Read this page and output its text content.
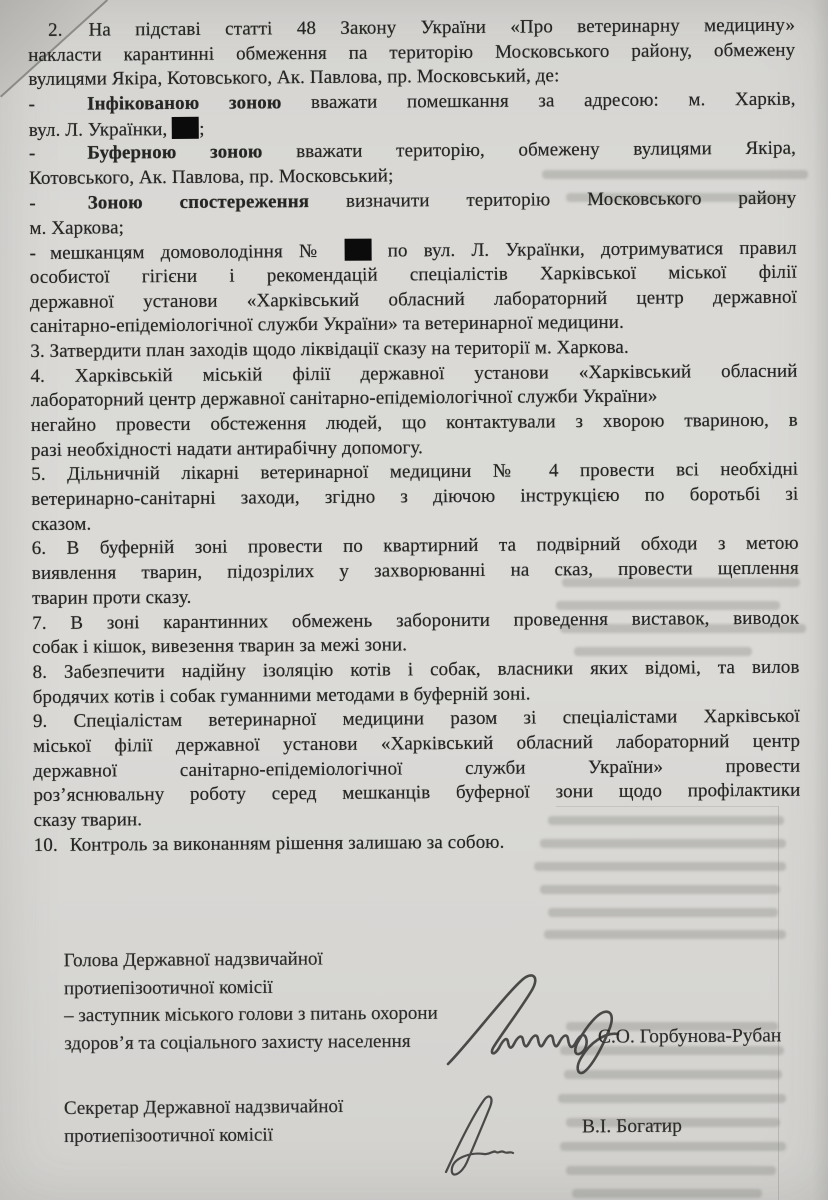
2. На підставі статті 48 Закону України «Про ветеринарну медицину»
накласти карантинні обмеження па територію Московського району, обмежену
вулицями Якіра, Котовського, Ак. Павлова, пр. Московський, де:
-	Інфікованою зоною вважати помешкання за адресою: м. Харків,
вул. Л. Українки, ;
-	Буферною зоною вважати територію, обмежену вулицями Якіра,
Котовського, Ак. Павлова, пр. Московський;
-	Зоною спостереження визначити територію Московського району
м. Харкова;
- мешканцям домоволодіння №  по вул. Л. Українки, дотримуватися правил
особистої гігієни і рекомендацій спеціалістів Харківської міської філії
державної установи «Харківський обласний лабораторний центр державної
санітарно-епідеміологічної служби України» та ветеринарної медицини.
3. Затвердити план заходів щодо ліквідації сказу на території м. Харкова.
4. Харківській міській філії державної установи «Харківський обласний
лабораторний центр державної санітарно-епідеміологічної служби України»
негайно провести обстеження людей, що контактували з хворою твариною, в
разі необхідності надати антирабічну допомогу.
5. Дільничній лікарні ветеринарної медицини № 4 провести всі необхідні
ветеринарно-санітарні заходи, згідно з діючою інструкцією по боротьбі зі
сказом.
6. В буферній зоні провести по квартирний та подвірний обходи з метою
виявлення тварин, підозрілих у захворюванні на сказ, провести щеплення
тварин проти сказу.
7. В зоні карантинних обмежень заборонити проведення виставок, виводок
собак і кішок, вивезення тварин за межі зони.
8. Забезпечити надійну ізоляцію котів і собак, власники яких відомі, та вилов
бродячих котів і собак гуманними методами в буферній зоні.
9. Спеціалістам ветеринарної медицини разом зі спеціалістами Харківської
міської філії державної установи «Харківський обласний лабораторний центр
державної санітарно-епідеміологічної служби України» провести
роз’яснювальну роботу серед мешканців буферної зони щодо профілактики
сказу тварин.
10. Контроль за виконанням рішення залишаю за собою.
Голова Державної надзвичайної
протиепізоотичної комісії
– заступник міського голови з питань охорони
здоров’я та соціального захисту населення	С.О. Горбунова-Рубан
Секретар Державної надзвичайної
протиепізоотичної комісії	В.І. Богатир
